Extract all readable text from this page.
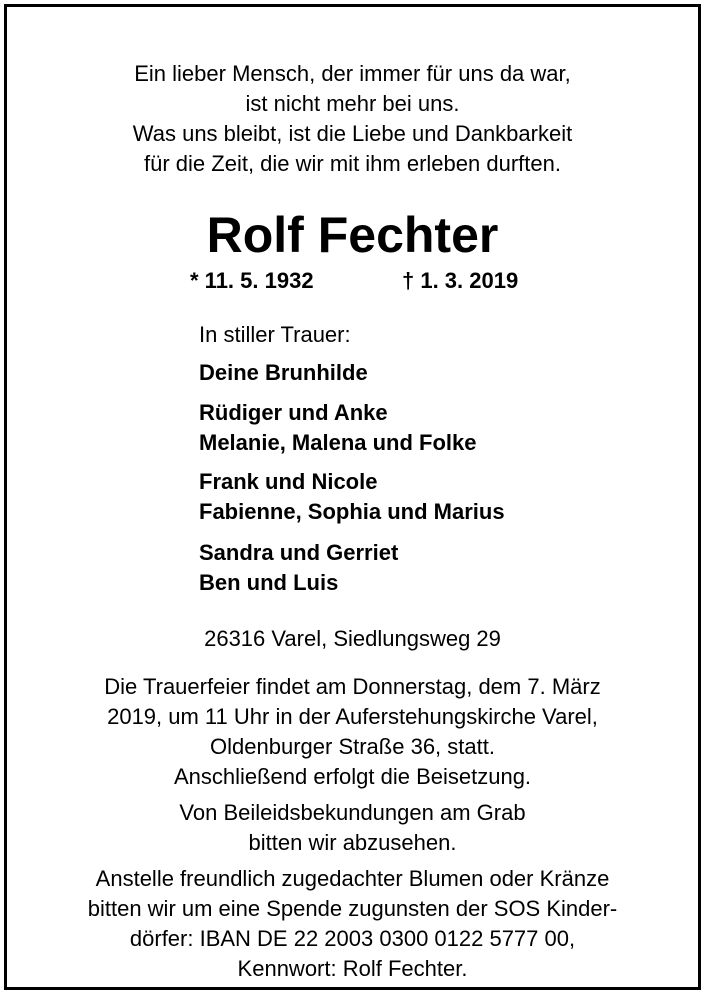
Ein lieber Mensch, der immer für uns da war,
ist nicht mehr bei uns.
Was uns bleibt, ist die Liebe und Dankbarkeit
für die Zeit, die wir mit ihm erleben durften.
Rolf Fechter
* 11. 5. 1932	† 1. 3. 2019
In stiller Trauer:
Deine Brunhilde
Rüdiger und Anke
Melanie, Malena und Folke
Frank und Nicole
Fabienne, Sophia und Marius
Sandra und Gerriet
Ben und Luis
26316 Varel, Siedlungsweg 29
Die Trauerfeier findet am Donnerstag, dem 7. März
2019, um 11 Uhr in der Auferstehungskirche Varel,
Oldenburger Straße 36, statt.
Anschließend erfolgt die Beisetzung.
Von Beileidsbekundungen am Grab
bitten wir abzusehen.
Anstelle freundlich zugedachter Blumen oder Kränze
bitten wir um eine Spende zugunsten der SOS Kinder-
dörfer: IBAN DE 22 2003 0300 0122 5777 00,
Kennwort: Rolf Fechter.
